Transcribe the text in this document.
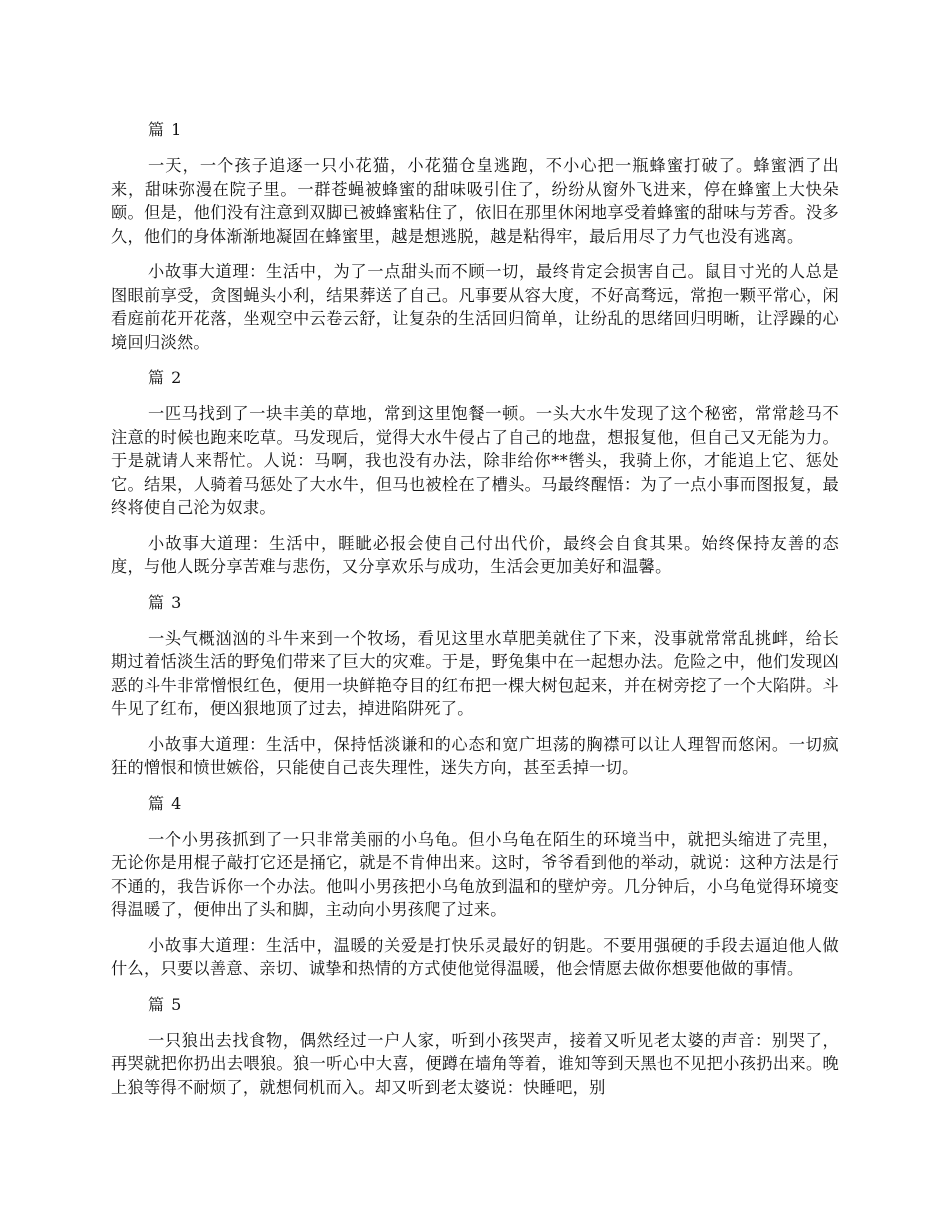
篇 1

一天，一个孩子追逐一只小花猫，小花猫仓皇逃跑，不小心把一瓶蜂蜜打破了。蜂蜜洒了出来，甜味弥漫在院子里。一群苍蝇被蜂蜜的甜味吸引住了，纷纷从窗外飞进来，停在蜂蜜上大快朵颐。但是，他们没有注意到双脚已被蜂蜜粘住了，依旧在那里休闲地享受着蜂蜜的甜味与芳香。没多久，他们的身体渐渐地凝固在蜂蜜里，越是想逃脱，越是粘得牢，最后用尽了力气也没有逃离。

小故事大道理：生活中，为了一点甜头而不顾一切，最终肯定会损害自己。鼠目寸光的人总是图眼前享受，贪图蝇头小利，结果葬送了自己。凡事要从容大度，不好高骛远，常抱一颗平常心，闲看庭前花开花落，坐观空中云卷云舒，让复杂的生活回归简单，让纷乱的思绪回归明晰，让浮躁的心境回归淡然。

篇 2

一匹马找到了一块丰美的草地，常到这里饱餐一顿。一头大水牛发现了这个秘密，常常趁马不注意的时候也跑来吃草。马发现后，觉得大水牛侵占了自己的地盘，想报复他，但自己又无能为力。于是就请人来帮忙。人说：马啊，我也没有办法，除非给你**辔头，我骑上你，才能追上它、惩处它。结果，人骑着马惩处了大水牛，但马也被栓在了槽头。马最终醒悟：为了一点小事而图报复，最终将使自己沦为奴隶。

小故事大道理：生活中，睚眦必报会使自己付出代价，最终会自食其果。始终保持友善的态度，与他人既分享苦难与悲伤，又分享欢乐与成功，生活会更加美好和温馨。

篇 3

一头气概汹汹的斗牛来到一个牧场，看见这里水草肥美就住了下来，没事就常常乱挑衅，给长期过着恬淡生活的野兔们带来了巨大的灾难。于是，野兔集中在一起想办法。危险之中，他们发现凶恶的斗牛非常憎恨红色，便用一块鲜艳夺目的红布把一棵大树包起来，并在树旁挖了一个大陷阱。斗牛见了红布，便凶狠地顶了过去，掉进陷阱死了。

小故事大道理：生活中，保持恬淡谦和的心态和宽广坦荡的胸襟可以让人理智而悠闲。一切疯狂的憎恨和愤世嫉俗，只能使自己丧失理性，迷失方向，甚至丢掉一切。

篇 4

一个小男孩抓到了一只非常美丽的小乌龟。但小乌龟在陌生的环境当中，就把头缩进了壳里，无论你是用棍子敲打它还是捅它，就是不肯伸出来。这时，爷爷看到他的举动，就说：这种方法是行不通的，我告诉你一个办法。他叫小男孩把小乌龟放到温和的壁炉旁。几分钟后，小乌龟觉得环境变得温暖了，便伸出了头和脚，主动向小男孩爬了过来。

小故事大道理：生活中，温暖的关爱是打快乐灵最好的钥匙。不要用强硬的手段去逼迫他人做什么，只要以善意、亲切、诚挚和热情的方式使他觉得温暖，他会情愿去做你想要他做的事情。

篇 5

一只狼出去找食物，偶然经过一户人家，听到小孩哭声，接着又听见老太婆的声音：别哭了，再哭就把你扔出去喂狼。狼一听心中大喜，便蹲在墙角等着，谁知等到天黑也不见把小孩扔出来。晚上狼等得不耐烦了，就想伺机而入。却又听到老太婆说：快睡吧，别
